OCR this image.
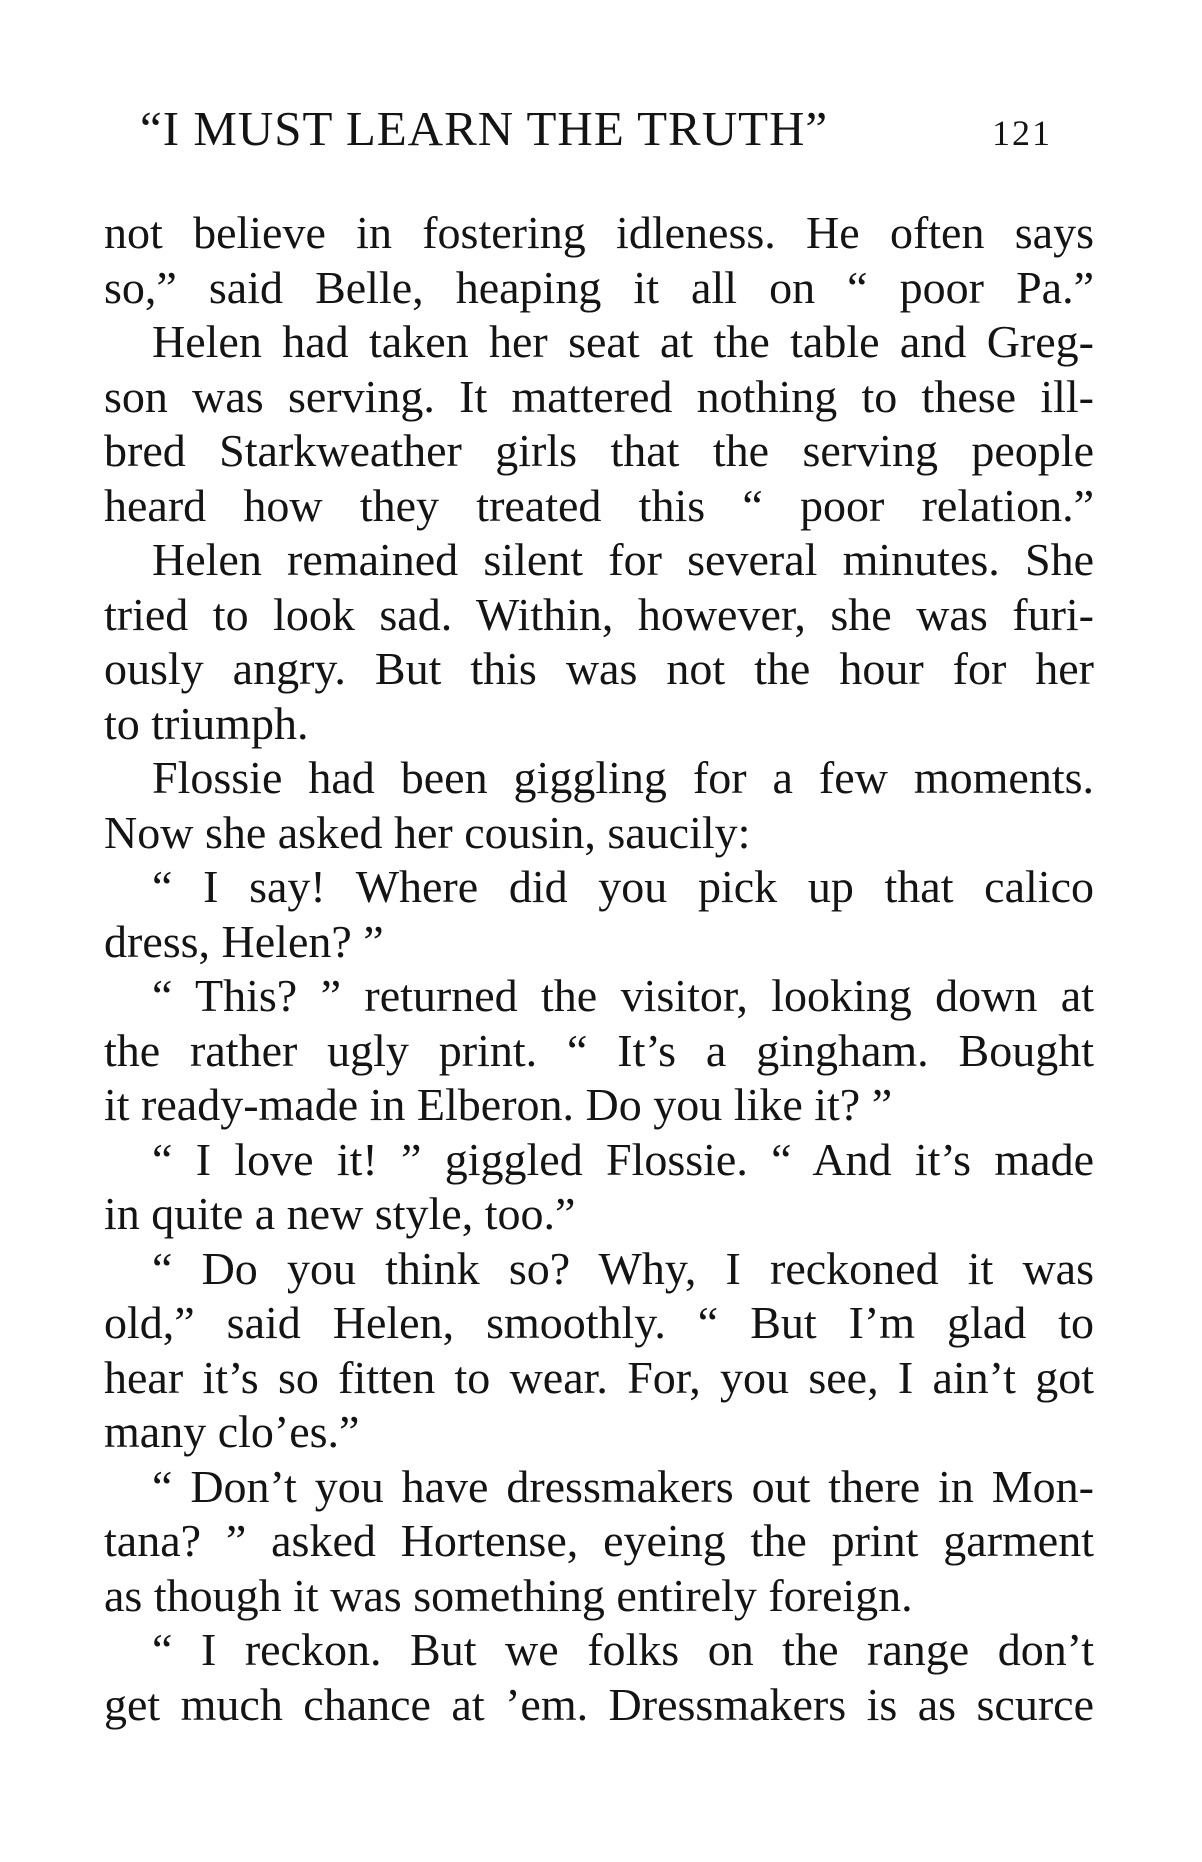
“I MUST LEARN THE TRUTH”	121
not believe in fostering idleness. He often says
so,” said Belle, heaping it all on “ poor Pa.”
Helen had taken her seat at the table and Greg-
son was serving. It mattered nothing to these ill-
bred Starkweather girls that the serving people
heard how they treated this “ poor relation.”
Helen remained silent for several minutes. She
tried to look sad. Within, however, she was furi-
ously angry. But this was not the hour for her
to triumph.
Flossie had been giggling for a few moments.
Now she asked her cousin, saucily:
“ I say! Where did you pick up that calico
dress, Helen? ”
“ This? ” returned the visitor, looking down at
the rather ugly print. “ It’s a gingham. Bought
it ready-made in Elberon. Do you like it? ”
“ I love it! ” giggled Flossie. “ And it’s made
in quite a new style, too.”
“ Do you think so? Why, I reckoned it was
old,” said Helen, smoothly. “ But I’m glad to
hear it’s so fitten to wear. For, you see, I ain’t got
many clo’es.”
“ Don’t you have dressmakers out there in Mon-
tana? ” asked Hortense, eyeing the print garment
as though it was something entirely foreign.
“ I reckon. But we folks on the range don’t
get much chance at ’em. Dressmakers is as scurce
